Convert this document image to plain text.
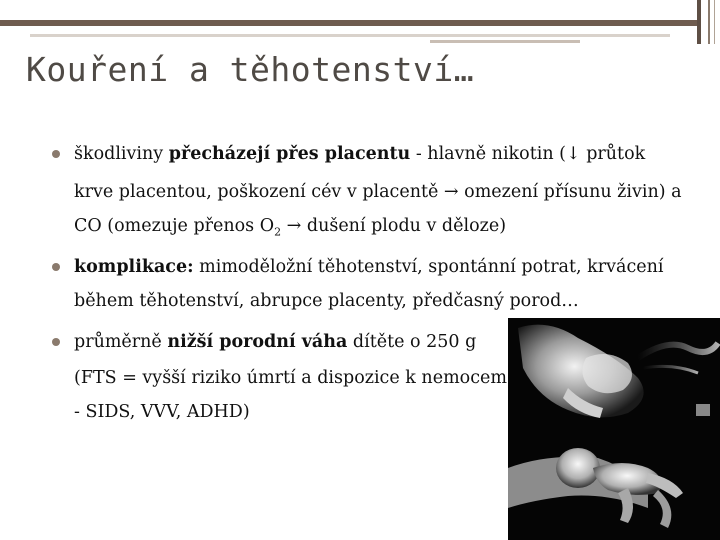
Kouření a těhotenství…
škodliviny přecházejí přes placentu - hlavně nikotin (↓ průtok
krve placentou, poškození cév v placentě → omezení přísunu živin) a
CO (omezuje přenos $O_2$ → dušení plodu v děloze)
komplikace: mimoděložní těhotenství, spontánní potrat, krvácení
během těhotenství, abrupce placenty, předčasný porod…
průměrně nižší porodní váha dítěte o 250 g
(FTS = vyšší riziko úmrtí a dispozice k nemocem
- SIDS, VVV, ADHD)
